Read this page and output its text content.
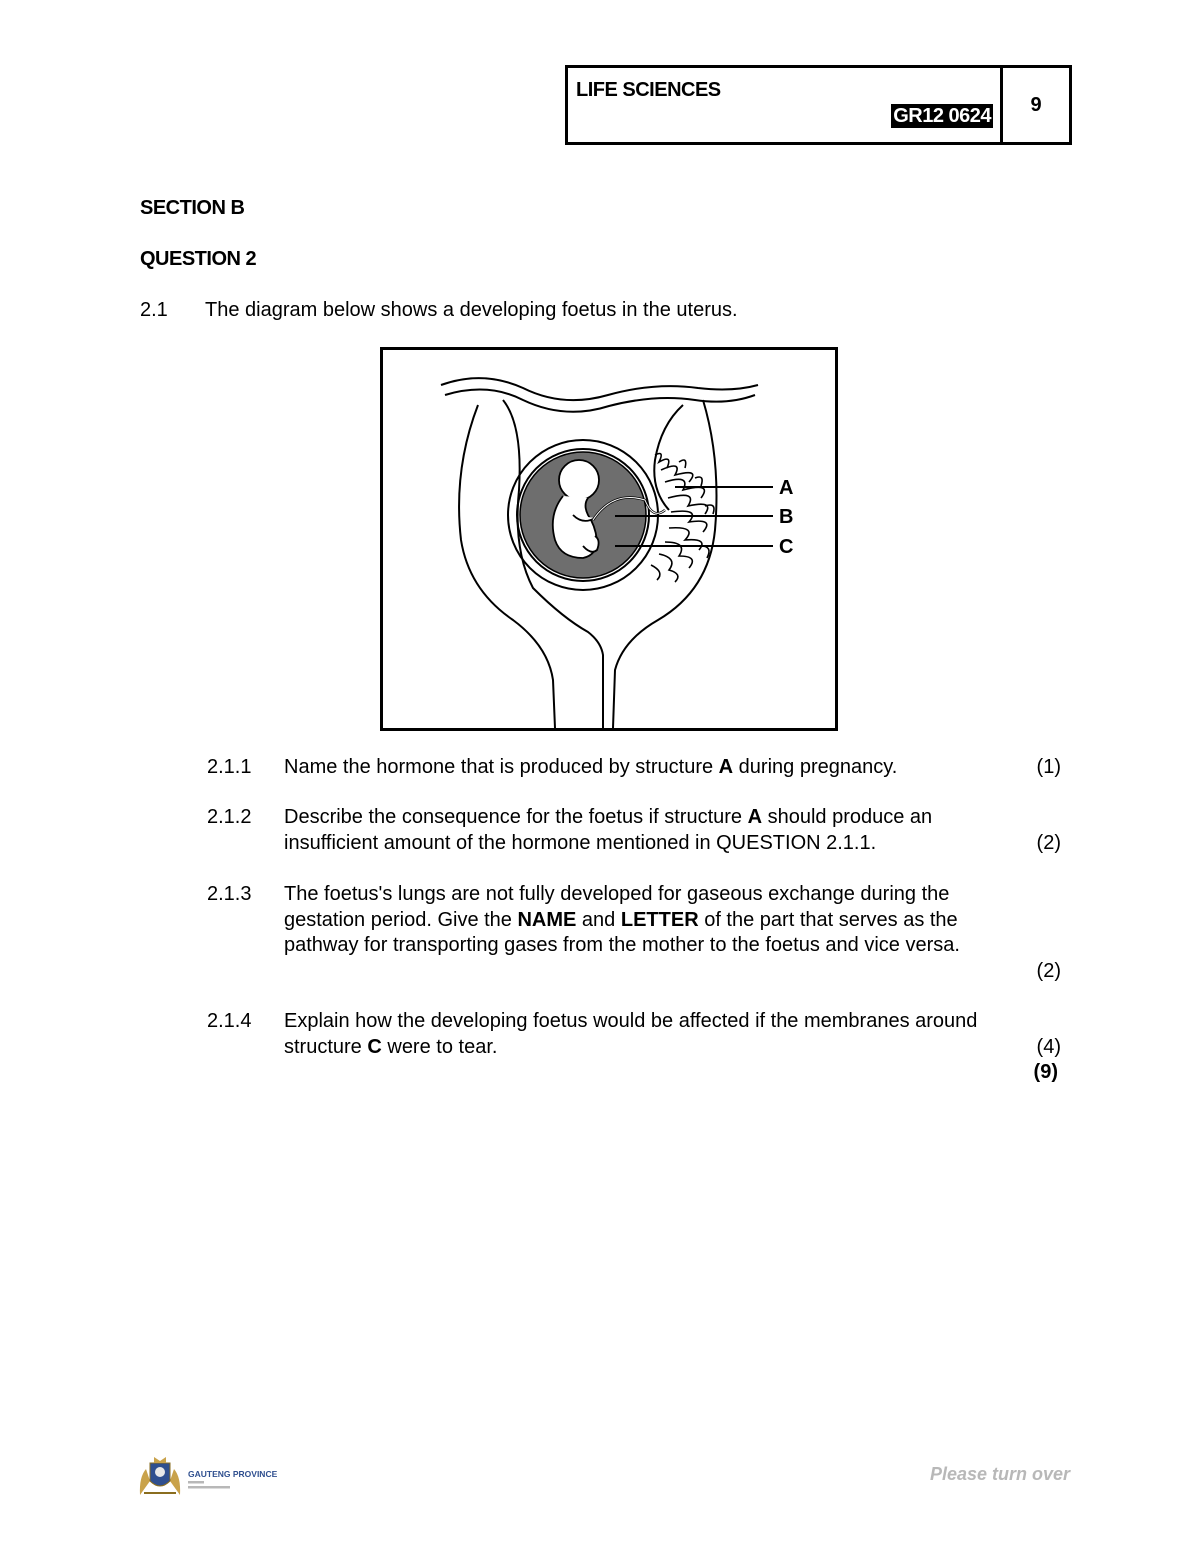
LIFE SCIENCES
GR12 0624
9
SECTION B
QUESTION 2
2.1 The diagram below shows a developing foetus in the uterus.
A
B
C
2.1.1 Name the hormone that is produced by structure A during pregnancy.	(1)
2.1.2 Describe the consequence for the foetus if structure A should produce an insufficient amount of the hormone mentioned in QUESTION 2.1.1.	(2)
2.1.3 The foetus's lungs are not fully developed for gaseous exchange during the gestation period. Give the NAME and LETTER of the part that serves as the pathway for transporting gases from the mother to the foetus and vice versa.
(2)
2.1.4 Explain how the developing foetus would be affected if the membranes around structure C were to tear.	(4)
(9)
GAUTENG PROVINCE	Please turn over
